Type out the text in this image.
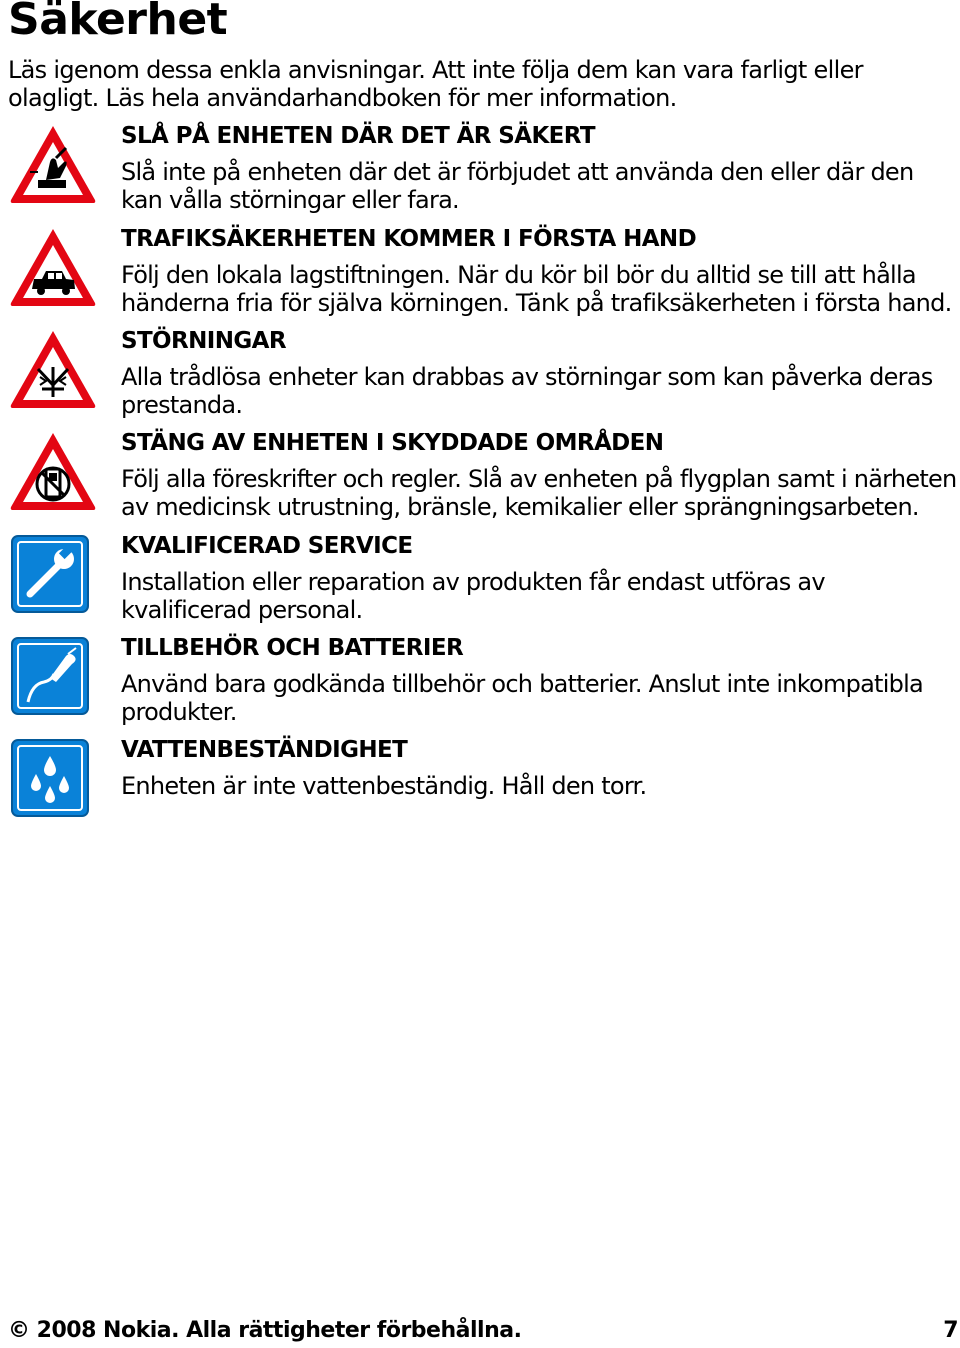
Säkerhet

Läs igenom dessa enkla anvisningar. Att inte följa dem kan vara farligt eller olagligt. Läs hela användarhandboken för mer information.

SLÅ PÅ ENHETEN DÄR DET ÄR SÄKERT

Slå inte på enheten där det är förbjudet att använda den eller där den kan vålla störningar eller fara.

TRAFIKSÄKERHETEN KOMMER I FÖRSTA HAND

Följ den lokala lagstiftningen. När du kör bil bör du alltid se till att hålla händerna fria för själva körningen. Tänk på trafiksäkerheten i första hand.

STÖRNINGAR

Alla trådlösa enheter kan drabbas av störningar som kan påverka deras prestanda.

STÄNG AV ENHETEN I SKYDDADE OMRÅDEN

Följ alla föreskrifter och regler. Slå av enheten på flygplan samt i närheten av medicinsk utrustning, bränsle, kemikalier eller sprängningsarbeten.

KVALIFICERAD SERVICE

Installation eller reparation av produkten får endast utföras av kvalificerad personal.

TILLBEHÖR OCH BATTERIER

Använd bara godkända tillbehör och batterier. Anslut inte inkompatibla produkter.

VATTENBESTÄNDIGHET

Enheten är inte vattenbeständig. Håll den torr.

© 2008 Nokia. Alla rättigheter förbehållna.	7
